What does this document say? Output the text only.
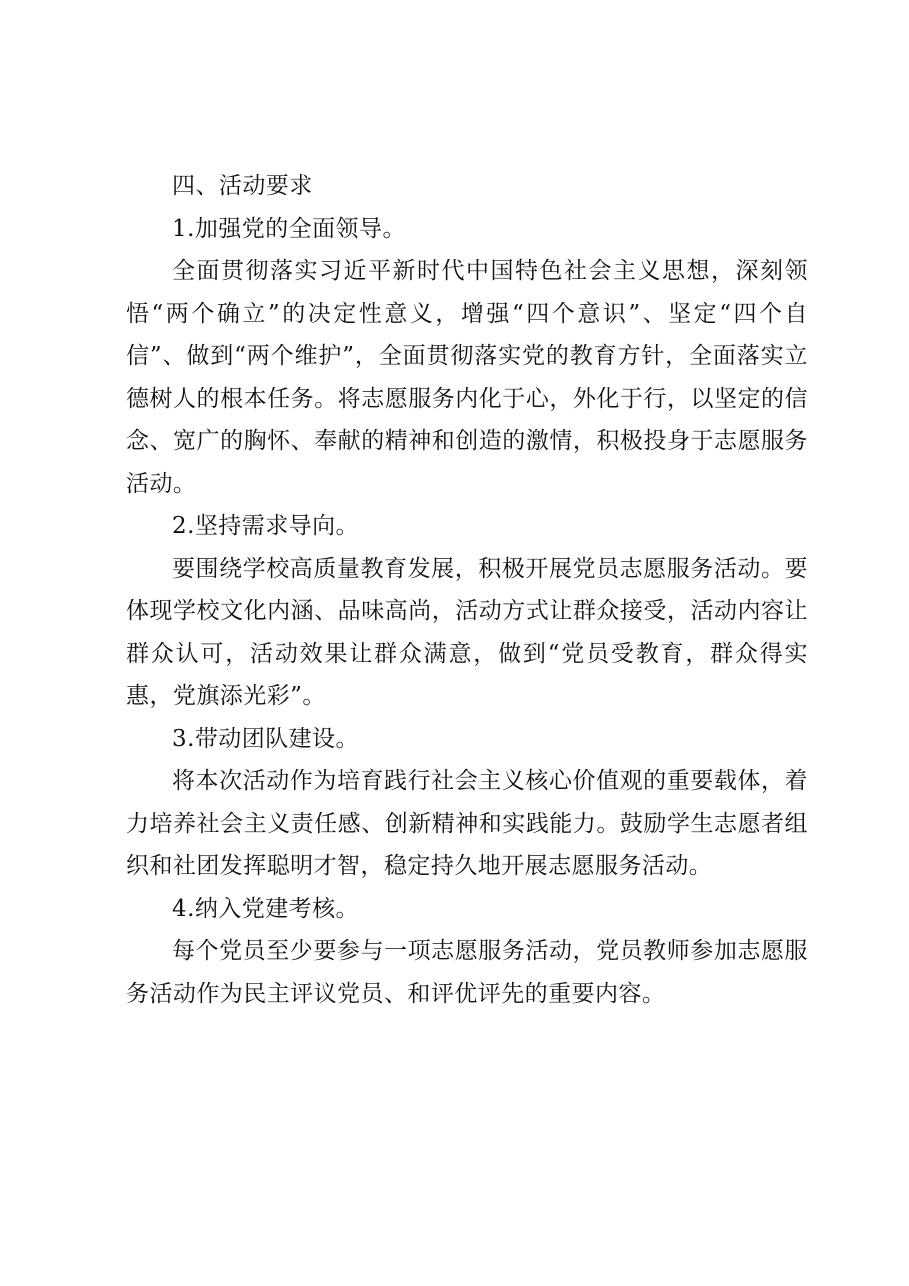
四、活动要求

1.加强党的全面领导。

全面贯彻落实习近平新时代中国特色社会主义思想，深刻领悟“两个确立”的决定性意义，增强“四个意识”、坚定“四个自信”、做到“两个维护”，全面贯彻落实党的教育方针，全面落实立德树人的根本任务。将志愿服务内化于心，外化于行，以坚定的信念、宽广的胸怀、奉献的精神和创造的激情，积极投身于志愿服务活动。

2.坚持需求导向。

要围绕学校高质量教育发展，积极开展党员志愿服务活动。要体现学校文化内涵、品味高尚，活动方式让群众接受，活动内容让群众认可，活动效果让群众满意，做到“党员受教育，群众得实惠，党旗添光彩”。

3.带动团队建设。

将本次活动作为培育践行社会主义核心价值观的重要载体，着力培养社会主义责任感、创新精神和实践能力。鼓励学生志愿者组织和社团发挥聪明才智，稳定持久地开展志愿服务活动。

4.纳入党建考核。

每个党员至少要参与一项志愿服务活动，党员教师参加志愿服务活动作为民主评议党员、和评优评先的重要内容。
